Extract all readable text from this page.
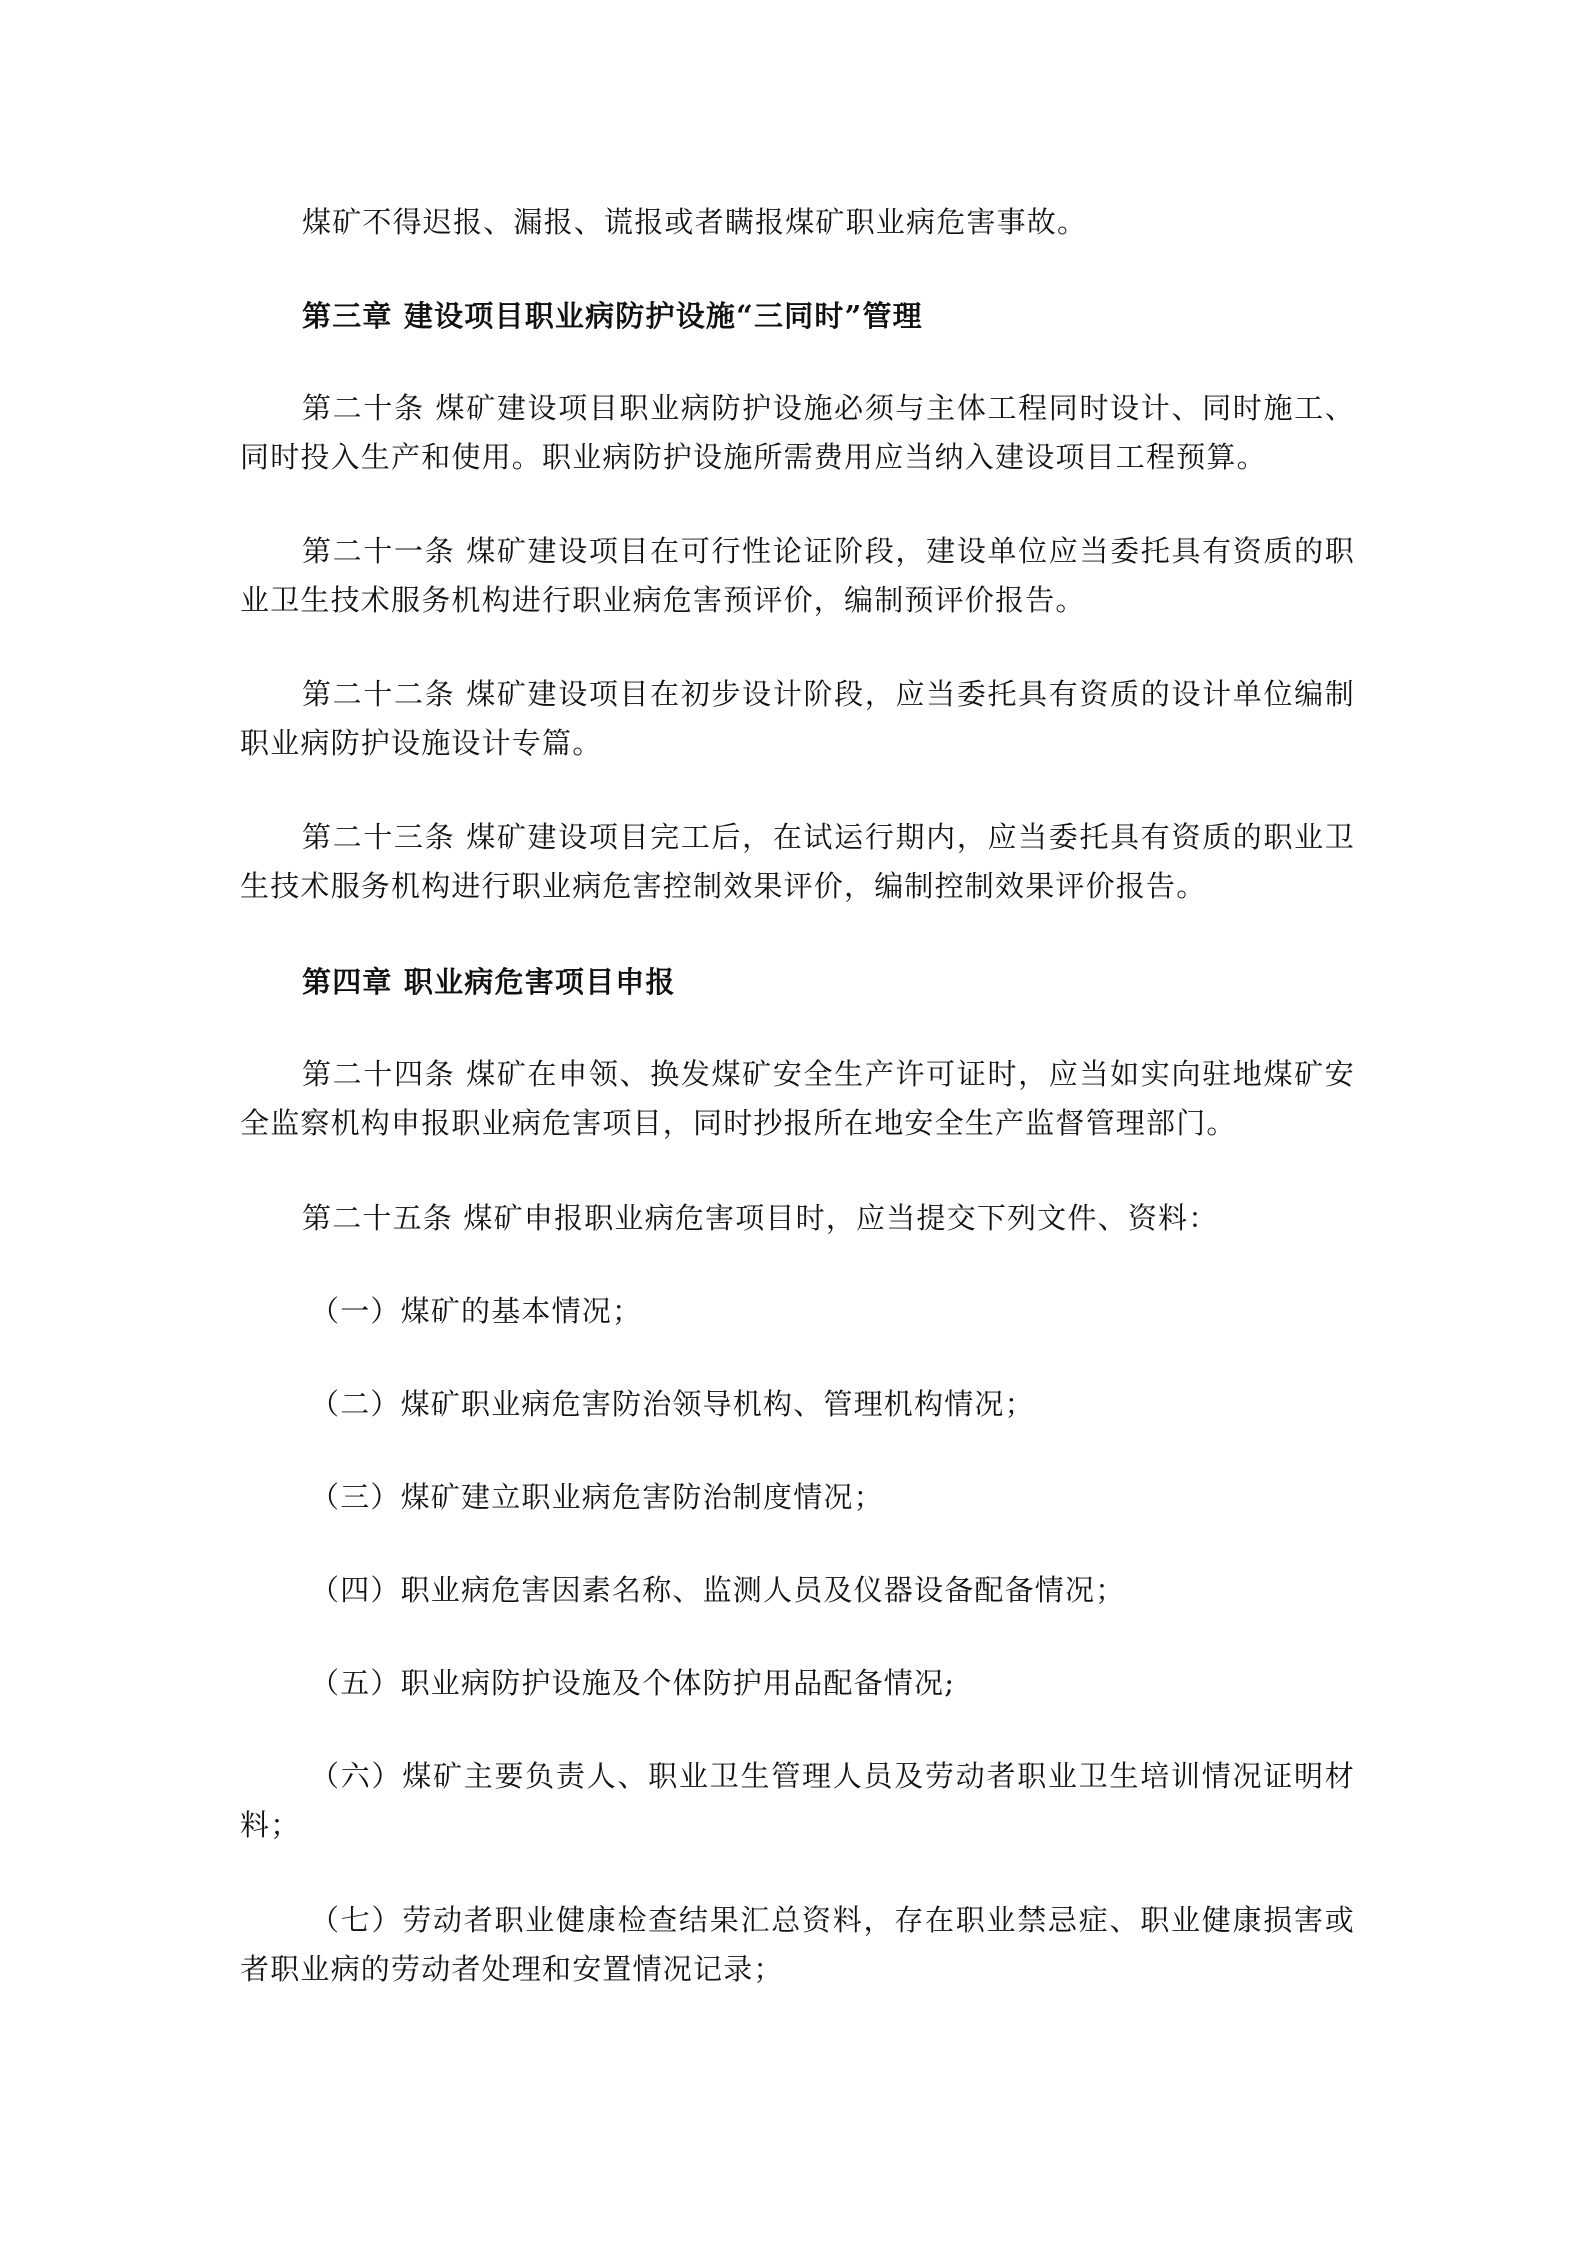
煤矿不得迟报、漏报、谎报或者瞒报煤矿职业病危害事故。

第三章 建设项目职业病防护设施“三同时”管理

第二十条 煤矿建设项目职业病防护设施必须与主体工程同时设计、同时施工、同时投入生产和使用。职业病防护设施所需费用应当纳入建设项目工程预算。

第二十一条 煤矿建设项目在可行性论证阶段，建设单位应当委托具有资质的职业卫生技术服务机构进行职业病危害预评价，编制预评价报告。

第二十二条 煤矿建设项目在初步设计阶段，应当委托具有资质的设计单位编制职业病防护设施设计专篇。

第二十三条 煤矿建设项目完工后，在试运行期内，应当委托具有资质的职业卫生技术服务机构进行职业病危害控制效果评价，编制控制效果评价报告。

第四章 职业病危害项目申报

第二十四条 煤矿在申领、换发煤矿安全生产许可证时，应当如实向驻地煤矿安全监察机构申报职业病危害项目，同时抄报所在地安全生产监督管理部门。

第二十五条 煤矿申报职业病危害项目时，应当提交下列文件、资料：

（一）煤矿的基本情况；

（二）煤矿职业病危害防治领导机构、管理机构情况；

（三）煤矿建立职业病危害防治制度情况；

（四）职业病危害因素名称、监测人员及仪器设备配备情况；

（五）职业病防护设施及个体防护用品配备情况;

（六）煤矿主要负责人、职业卫生管理人员及劳动者职业卫生培训情况证明材料；

（七）劳动者职业健康检查结果汇总资料，存在职业禁忌症、职业健康损害或者职业病的劳动者处理和安置情况记录；
